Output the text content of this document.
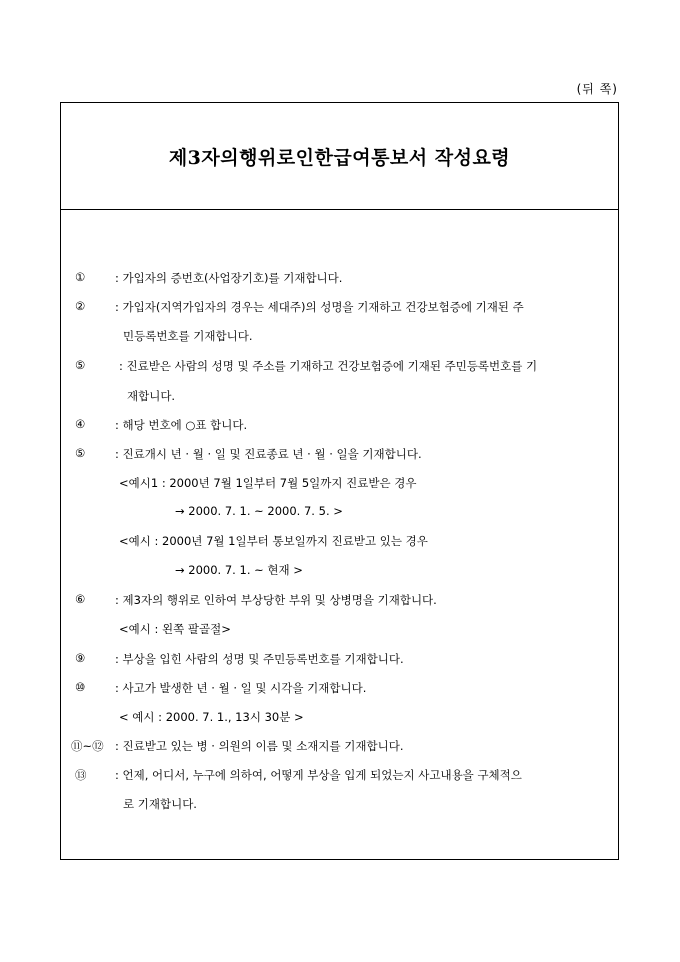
(뒤 쪽)
제3자의행위로인한급여통보서 작성요령
①	: 가입자의 증번호(사업장기호)를 기재합니다.
②	: 가입자(지역가입자의 경우는 세대주)의 성명을 기재하고 건강보험증에 기재된 주
민등록번호를 기재합니다.
⑤	: 진료받은 사람의 성명 및 주소를 기재하고 건강보험증에 기재된 주민등록번호를 기
재합니다.
④	: 해당 번호에 ○표 합니다.
⑤	: 진료개시 년 · 월 · 일 및 진료종료 년 · 월 · 일을 기재합니다.
<예시1 : 2000년 7월 1일부터 7월 5일까지 진료받은 경우
→ 2000. 7. 1. ~ 2000. 7. 5. >
<예시 : 2000년 7월 1일부터 통보일까지 진료받고 있는 경우
→ 2000. 7. 1. ~ 현재 >
⑥	: 제3자의 행위로 인하여 부상당한 부위 및 상병명을 기재합니다.
<예시 : 왼쪽 팔골절>
⑨	: 부상을 입힌 사람의 성명 및 주민등록번호를 기재합니다.
⑩	: 사고가 발생한 년 · 월 · 일 및 시각을 기재합니다.
< 예시 : 2000. 7. 1., 13시 30분 >
⑪~⑫ : 진료받고 있는 병 · 의원의 이름 및 소재지를 기재합니다.
⑬ : 언제, 어디서, 누구에 의하여, 어떻게 부상을 입게 되었는지 사고내용을 구체적으
로 기재합니다.
